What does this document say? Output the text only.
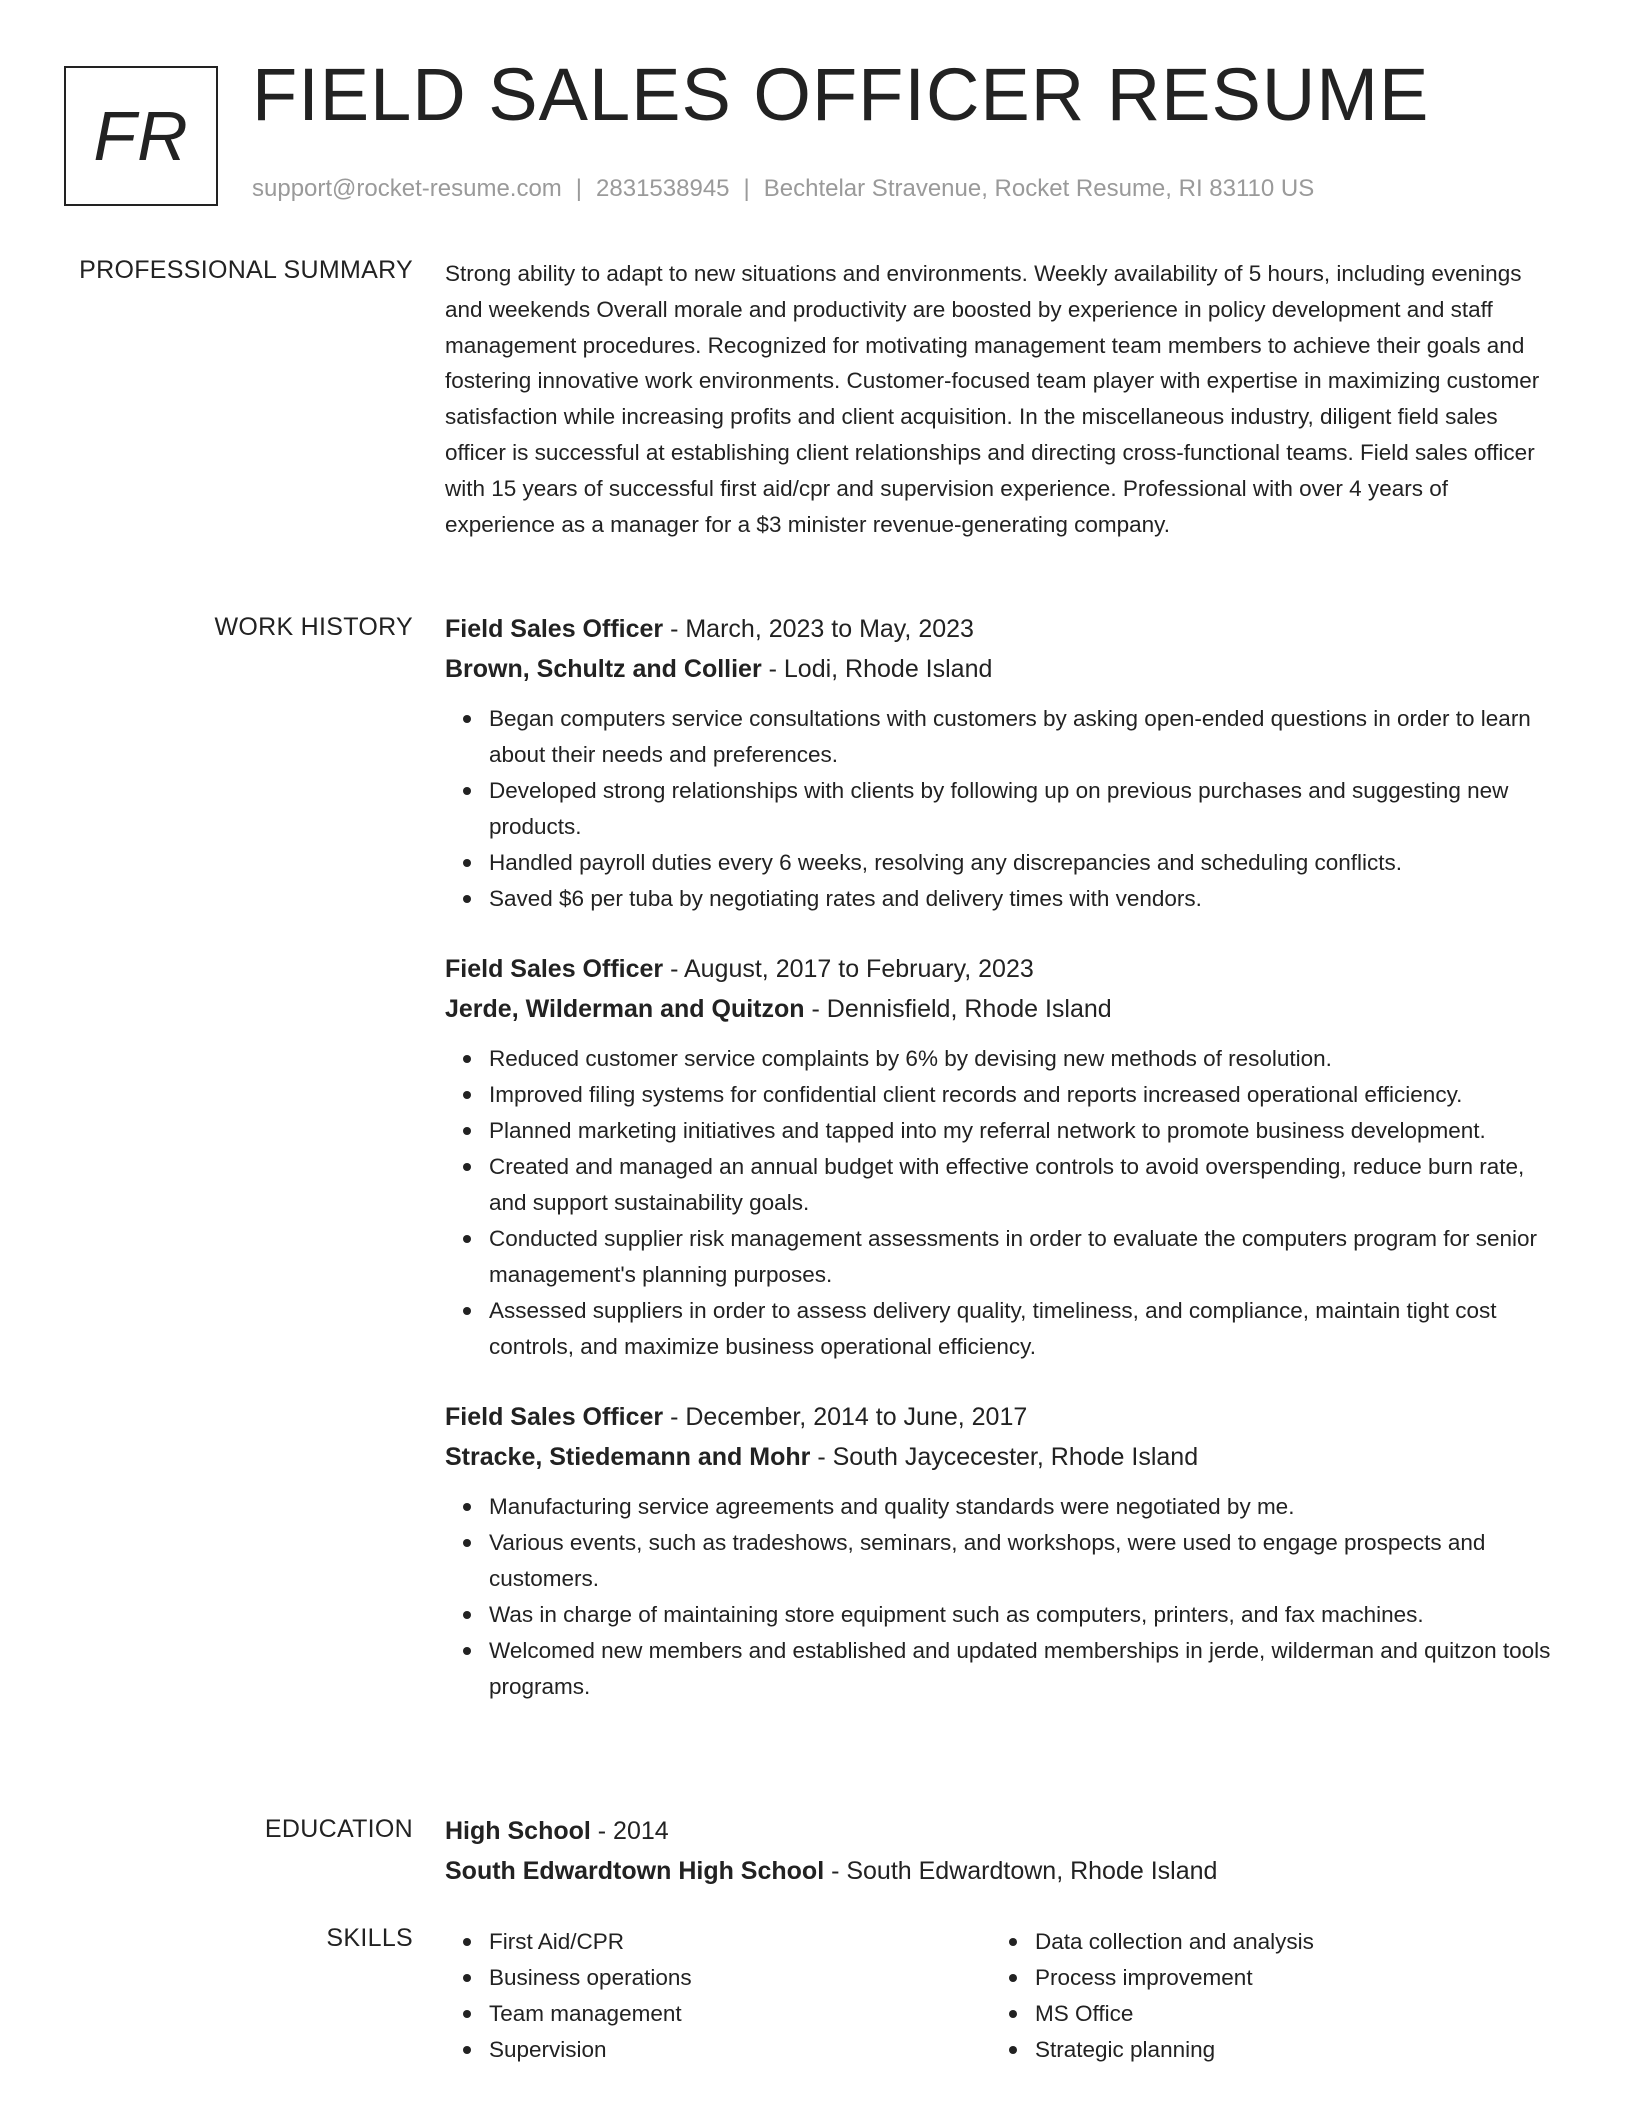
FR FIELD SALES OFFICER RESUME
support@rocket-resume.com | 2831538945 | Bechtelar Stravenue, Rocket Resume, RI 83110 US
PROFESSIONAL SUMMARY Strong ability to adapt to new situations and environments. Weekly availability of 5 hours, including evenings and weekends Overall morale and productivity are boosted by experience in policy development and staff management procedures. Recognized for motivating management team members to achieve their goals and fostering innovative work environments. Customer-focused team player with expertise in maximizing customer satisfaction while increasing profits and client acquisition. In the miscellaneous industry, diligent field sales officer is successful at establishing client relationships and directing cross-functional teams. Field sales officer with 15 years of successful first aid/cpr and supervision experience. Professional with over 4 years of experience as a manager for a $3 minister revenue-generating company.

WORK HISTORY Field Sales Officer - March, 2023 to May, 2023
Brown, Schultz and Collier - Lodi, Rhode Island
Began computers service consultations with customers by asking open-ended questions in order to learn about their needs and preferences.
Developed strong relationships with clients by following up on previous purchases and suggesting new products.
Handled payroll duties every 6 weeks, resolving any discrepancies and scheduling conflicts.
Saved $6 per tuba by negotiating rates and delivery times with vendors.
Field Sales Officer - August, 2017 to February, 2023
Jerde, Wilderman and Quitzon - Dennisfield, Rhode Island
Reduced customer service complaints by 6% by devising new methods of resolution.
Improved filing systems for confidential client records and reports increased operational efficiency.
Planned marketing initiatives and tapped into my referral network to promote business development.
Created and managed an annual budget with effective controls to avoid overspending, reduce burn rate, and support sustainability goals.
Conducted supplier risk management assessments in order to evaluate the computers program for senior management's planning purposes.
Assessed suppliers in order to assess delivery quality, timeliness, and compliance, maintain tight cost controls, and maximize business operational efficiency.
Field Sales Officer - December, 2014 to June, 2017
Stracke, Stiedemann and Mohr - South Jaycecester, Rhode Island
Manufacturing service agreements and quality standards were negotiated by me.
Various events, such as tradeshows, seminars, and workshops, were used to engage prospects and customers.
Was in charge of maintaining store equipment such as computers, printers, and fax machines.
Welcomed new members and established and updated memberships in jerde, wilderman and quitzon tools programs.
EDUCATION High School - 2014
South Edwardtown High School - South Edwardtown, Rhode Island
SKILLS	First Aid/CPR
Business operations
Team management
Supervision
Data collection and analysis
Process improvement
MS Office
Strategic planning
